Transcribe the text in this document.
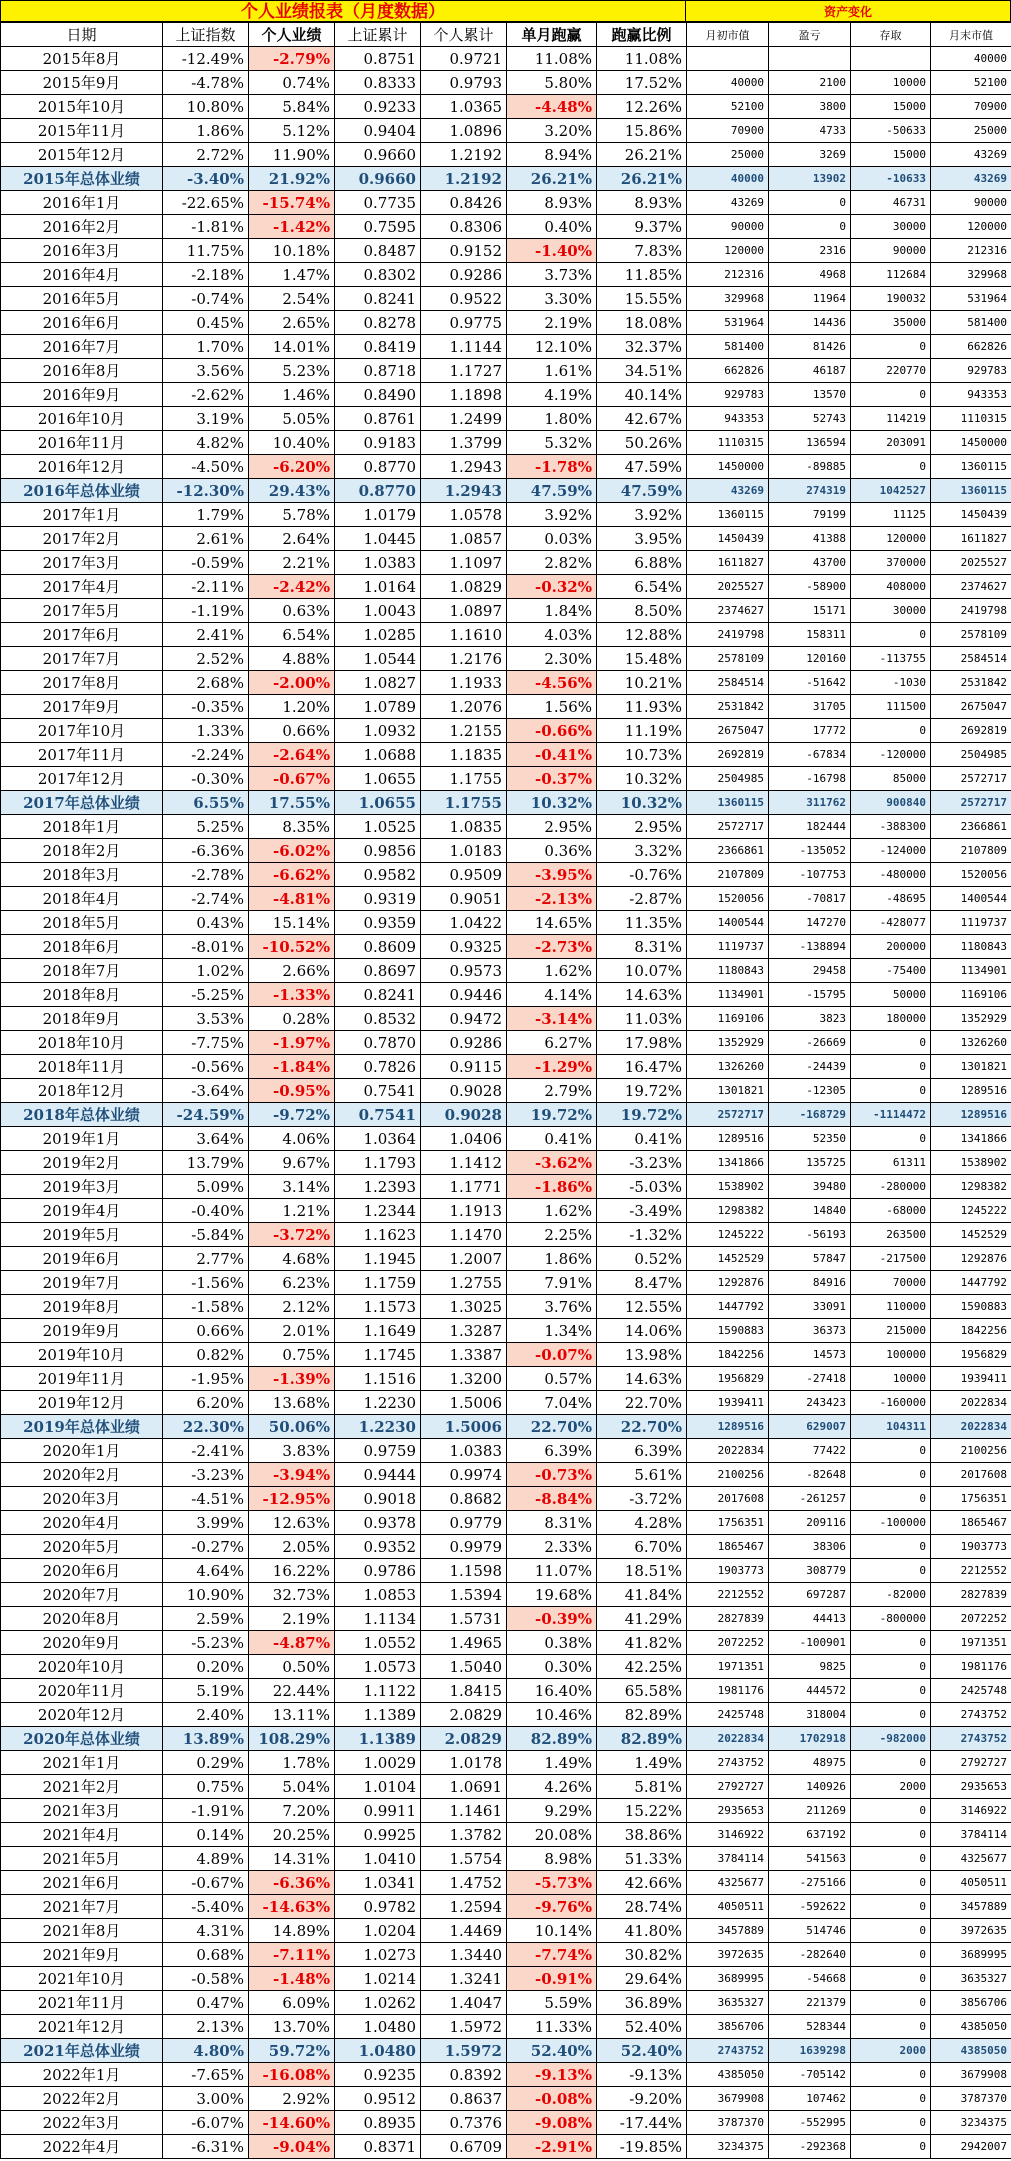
个人业绩报表（月度数据）	资产变化
日期	上证指数	个人业绩	上证累计	个人累计	单月跑赢	跑赢比例	月初市值	盈亏	存取	月末市值
2015年8月	-12.49%	-2.79%	0.8751	0.9721	11.08%	11.08%				40000
2015年9月	-4.78%	0.74%	0.8333	0.9793	5.80%	17.52%	40000	2100	10000	52100
2015年10月	10.80%	5.84%	0.9233	1.0365	-4.48%	12.26%	52100	3800	15000	70900
2015年11月	1.86%	5.12%	0.9404	1.0896	3.20%	15.86%	70900	4733	-50633	25000
2015年12月	2.72%	11.90%	0.9660	1.2192	8.94%	26.21%	25000	3269	15000	43269
2015年总体业绩	-3.40%	21.92%	0.9660	1.2192	26.21%	26.21%	40000	13902	-10633	43269
2016年1月	-22.65%	-15.74%	0.7735	0.8426	8.93%	8.93%	43269	0	46731	90000
2016年2月	-1.81%	-1.42%	0.7595	0.8306	0.40%	9.37%	90000	0	30000	120000
2016年3月	11.75%	10.18%	0.8487	0.9152	-1.40%	7.83%	120000	2316	90000	212316
2016年4月	-2.18%	1.47%	0.8302	0.9286	3.73%	11.85%	212316	4968	112684	329968
2016年5月	-0.74%	2.54%	0.8241	0.9522	3.30%	15.55%	329968	11964	190032	531964
2016年6月	0.45%	2.65%	0.8278	0.9775	2.19%	18.08%	531964	14436	35000	581400
2016年7月	1.70%	14.01%	0.8419	1.1144	12.10%	32.37%	581400	81426	0	662826
2016年8月	3.56%	5.23%	0.8718	1.1727	1.61%	34.51%	662826	46187	220770	929783
2016年9月	-2.62%	1.46%	0.8490	1.1898	4.19%	40.14%	929783	13570	0	943353
2016年10月	3.19%	5.05%	0.8761	1.2499	1.80%	42.67%	943353	52743	114219	1110315
2016年11月	4.82%	10.40%	0.9183	1.3799	5.32%	50.26%	1110315	136594	203091	1450000
2016年12月	-4.50%	-6.20%	0.8770	1.2943	-1.78%	47.59%	1450000	-89885	0	1360115
2016年总体业绩	-12.30%	29.43%	0.8770	1.2943	47.59%	47.59%	43269	274319	1042527	1360115
2017年1月	1.79%	5.78%	1.0179	1.0578	3.92%	3.92%	1360115	79199	11125	1450439
2017年2月	2.61%	2.64%	1.0445	1.0857	0.03%	3.95%	1450439	41388	120000	1611827
2017年3月	-0.59%	2.21%	1.0383	1.1097	2.82%	6.88%	1611827	43700	370000	2025527
2017年4月	-2.11%	-2.42%	1.0164	1.0829	-0.32%	6.54%	2025527	-58900	408000	2374627
2017年5月	-1.19%	0.63%	1.0043	1.0897	1.84%	8.50%	2374627	15171	30000	2419798
2017年6月	2.41%	6.54%	1.0285	1.1610	4.03%	12.88%	2419798	158311	0	2578109
2017年7月	2.52%	4.88%	1.0544	1.2176	2.30%	15.48%	2578109	120160	-113755	2584514
2017年8月	2.68%	-2.00%	1.0827	1.1933	-4.56%	10.21%	2584514	-51642	-1030	2531842
2017年9月	-0.35%	1.20%	1.0789	1.2076	1.56%	11.93%	2531842	31705	111500	2675047
2017年10月	1.33%	0.66%	1.0932	1.2155	-0.66%	11.19%	2675047	17772	0	2692819
2017年11月	-2.24%	-2.64%	1.0688	1.1835	-0.41%	10.73%	2692819	-67834	-120000	2504985
2017年12月	-0.30%	-0.67%	1.0655	1.1755	-0.37%	10.32%	2504985	-16798	85000	2572717
2017年总体业绩	6.55%	17.55%	1.0655	1.1755	10.32%	10.32%	1360115	311762	900840	2572717
2018年1月	5.25%	8.35%	1.0525	1.0835	2.95%	2.95%	2572717	182444	-388300	2366861
2018年2月	-6.36%	-6.02%	0.9856	1.0183	0.36%	3.32%	2366861	-135052	-124000	2107809
2018年3月	-2.78%	-6.62%	0.9582	0.9509	-3.95%	-0.76%	2107809	-107753	-480000	1520056
2018年4月	-2.74%	-4.81%	0.9319	0.9051	-2.13%	-2.87%	1520056	-70817	-48695	1400544
2018年5月	0.43%	15.14%	0.9359	1.0422	14.65%	11.35%	1400544	147270	-428077	1119737
2018年6月	-8.01%	-10.52%	0.8609	0.9325	-2.73%	8.31%	1119737	-138894	200000	1180843
2018年7月	1.02%	2.66%	0.8697	0.9573	1.62%	10.07%	1180843	29458	-75400	1134901
2018年8月	-5.25%	-1.33%	0.8241	0.9446	4.14%	14.63%	1134901	-15795	50000	1169106
2018年9月	3.53%	0.28%	0.8532	0.9472	-3.14%	11.03%	1169106	3823	180000	1352929
2018年10月	-7.75%	-1.97%	0.7870	0.9286	6.27%	17.98%	1352929	-26669	0	1326260
2018年11月	-0.56%	-1.84%	0.7826	0.9115	-1.29%	16.47%	1326260	-24439	0	1301821
2018年12月	-3.64%	-0.95%	0.7541	0.9028	2.79%	19.72%	1301821	-12305	0	1289516
2018年总体业绩	-24.59%	-9.72%	0.7541	0.9028	19.72%	19.72%	2572717	-168729	-1114472	1289516
2019年1月	3.64%	4.06%	1.0364	1.0406	0.41%	0.41%	1289516	52350	0	1341866
2019年2月	13.79%	9.67%	1.1793	1.1412	-3.62%	-3.23%	1341866	135725	61311	1538902
2019年3月	5.09%	3.14%	1.2393	1.1771	-1.86%	-5.03%	1538902	39480	-280000	1298382
2019年4月	-0.40%	1.21%	1.2344	1.1913	1.62%	-3.49%	1298382	14840	-68000	1245222
2019年5月	-5.84%	-3.72%	1.1623	1.1470	2.25%	-1.32%	1245222	-56193	263500	1452529
2019年6月	2.77%	4.68%	1.1945	1.2007	1.86%	0.52%	1452529	57847	-217500	1292876
2019年7月	-1.56%	6.23%	1.1759	1.2755	7.91%	8.47%	1292876	84916	70000	1447792
2019年8月	-1.58%	2.12%	1.1573	1.3025	3.76%	12.55%	1447792	33091	110000	1590883
2019年9月	0.66%	2.01%	1.1649	1.3287	1.34%	14.06%	1590883	36373	215000	1842256
2019年10月	0.82%	0.75%	1.1745	1.3387	-0.07%	13.98%	1842256	14573	100000	1956829
2019年11月	-1.95%	-1.39%	1.1516	1.3200	0.57%	14.63%	1956829	-27418	10000	1939411
2019年12月	6.20%	13.68%	1.2230	1.5006	7.04%	22.70%	1939411	243423	-160000	2022834
2019年总体业绩	22.30%	50.06%	1.2230	1.5006	22.70%	22.70%	1289516	629007	104311	2022834
2020年1月	-2.41%	3.83%	0.9759	1.0383	6.39%	6.39%	2022834	77422	0	2100256
2020年2月	-3.23%	-3.94%	0.9444	0.9974	-0.73%	5.61%	2100256	-82648	0	2017608
2020年3月	-4.51%	-12.95%	0.9018	0.8682	-8.84%	-3.72%	2017608	-261257	0	1756351
2020年4月	3.99%	12.63%	0.9378	0.9779	8.31%	4.28%	1756351	209116	-100000	1865467
2020年5月	-0.27%	2.05%	0.9352	0.9979	2.33%	6.70%	1865467	38306	0	1903773
2020年6月	4.64%	16.22%	0.9786	1.1598	11.07%	18.51%	1903773	308779	0	2212552
2020年7月	10.90%	32.73%	1.0853	1.5394	19.68%	41.84%	2212552	697287	-82000	2827839
2020年8月	2.59%	2.19%	1.1134	1.5731	-0.39%	41.29%	2827839	44413	-800000	2072252
2020年9月	-5.23%	-4.87%	1.0552	1.4965	0.38%	41.82%	2072252	-100901	0	1971351
2020年10月	0.20%	0.50%	1.0573	1.5040	0.30%	42.25%	1971351	9825	0	1981176
2020年11月	5.19%	22.44%	1.1122	1.8415	16.40%	65.58%	1981176	444572	0	2425748
2020年12月	2.40%	13.11%	1.1389	2.0829	10.46%	82.89%	2425748	318004	0	2743752
2020年总体业绩	13.89%	108.29%	1.1389	2.0829	82.89%	82.89%	2022834	1702918	-982000	2743752
2021年1月	0.29%	1.78%	1.0029	1.0178	1.49%	1.49%	2743752	48975	0	2792727
2021年2月	0.75%	5.04%	1.0104	1.0691	4.26%	5.81%	2792727	140926	2000	2935653
2021年3月	-1.91%	7.20%	0.9911	1.1461	9.29%	15.22%	2935653	211269	0	3146922
2021年4月	0.14%	20.25%	0.9925	1.3782	20.08%	38.86%	3146922	637192	0	3784114
2021年5月	4.89%	14.31%	1.0410	1.5754	8.98%	51.33%	3784114	541563	0	4325677
2021年6月	-0.67%	-6.36%	1.0341	1.4752	-5.73%	42.66%	4325677	-275166	0	4050511
2021年7月	-5.40%	-14.63%	0.9782	1.2594	-9.76%	28.74%	4050511	-592622	0	3457889
2021年8月	4.31%	14.89%	1.0204	1.4469	10.14%	41.80%	3457889	514746	0	3972635
2021年9月	0.68%	-7.11%	1.0273	1.3440	-7.74%	30.82%	3972635	-282640	0	3689995
2021年10月	-0.58%	-1.48%	1.0214	1.3241	-0.91%	29.64%	3689995	-54668	0	3635327
2021年11月	0.47%	6.09%	1.0262	1.4047	5.59%	36.89%	3635327	221379	0	3856706
2021年12月	2.13%	13.70%	1.0480	1.5972	11.33%	52.40%	3856706	528344	0	4385050
2021年总体业绩	4.80%	59.72%	1.0480	1.5972	52.40%	52.40%	2743752	1639298	2000	4385050
2022年1月	-7.65%	-16.08%	0.9235	0.8392	-9.13%	-9.13%	4385050	-705142	0	3679908
2022年2月	3.00%	2.92%	0.9512	0.8637	-0.08%	-9.20%	3679908	107462	0	3787370
2022年3月	-6.07%	-14.60%	0.8935	0.7376	-9.08%	-17.44%	3787370	-552995	0	3234375
2022年4月	-6.31%	-9.04%	0.8371	0.6709	-2.91%	-19.85%	3234375	-292368	0	2942007
